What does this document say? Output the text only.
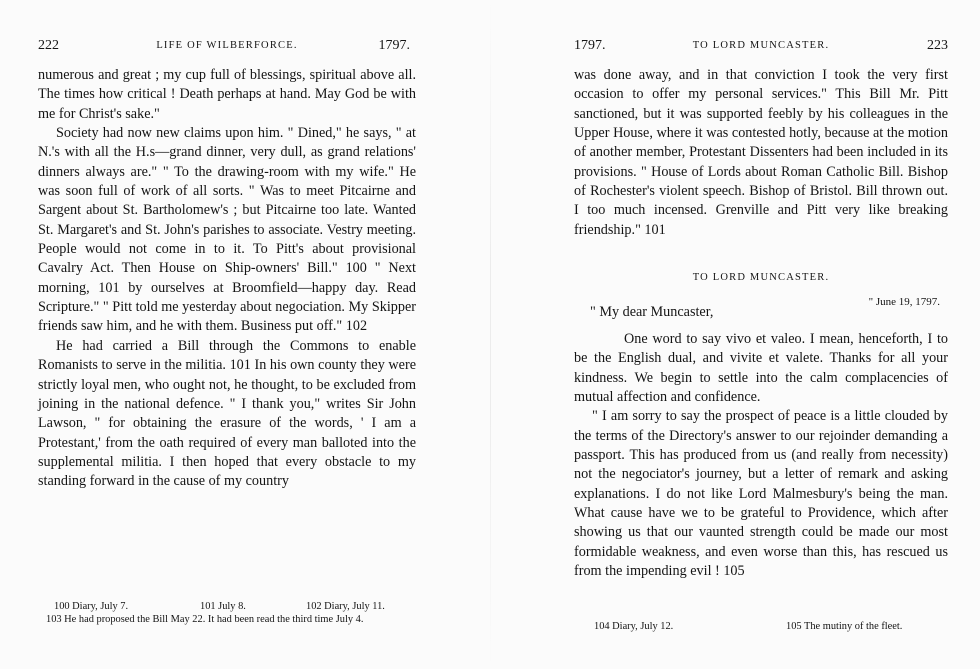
222	LIFE OF WILBERFORCE.	1797.

numerous and great ; my cup full of blessings, spiritual above all. The times how critical ! Death perhaps at hand. May God be with me for Christ's sake."

Society had now new claims upon him. " Dined," he says, " at N.'s with all the H.s—grand dinner, very dull, as grand relations' dinners always are." " To the drawing-room with my wife." He was soon full of work of all sorts. " Was to meet Pitcairne and Sargent about St. Bartholomew's ; but Pitcairne too late. Wanted St. Margaret's and St. John's parishes to associate. Vestry meeting. People would not come in to it. To Pitt's about provisional Cavalry Act. Then House on Ship-owners' Bill." 100 " Next morning, 101 by ourselves at Broomfield—happy day. Read Scripture." " Pitt told me yesterday about negociation. My Skipper friends saw him, and he with them. Business put off." 102

He had carried a Bill through the Commons to enable Romanists to serve in the militia. 101 In his own county they were strictly loyal men, who ought not, he thought, to be excluded from joining in the national defence. " I thank you," writes Sir John Lawson, " for obtaining the erasure of the words, ' I am a Protestant,' from the oath required of every man balloted into the supplemental militia. I then hoped that every obstacle to my standing forward in the cause of my country

100 Diary, July 7.	101 July 8.	102 Diary, July 11.
103 He had proposed the Bill May 22. It had been read the third time July 4.
1797.	TO LORD MUNCASTER.	223

was done away, and in that conviction I took the very first occasion to offer my personal services." This Bill Mr. Pitt sanctioned, but it was supported feebly by his colleagues in the Upper House, where it was contested hotly, because at the motion of another member, Protestant Dissenters had been included in its provisions. " House of Lords about Roman Catholic Bill. Bishop of Rochester's violent speech. Bishop of Bristol. Bill thrown out. I too much incensed. Grenville and Pitt very like breaking friendship." 101

TO LORD MUNCASTER.
" June 19, 1797.
" My dear Muncaster,

One word to say vivo et valeo. I mean, henceforth, I to be the English dual, and vivite et valete. Thanks for all your kindness. We begin to settle into the calm complacencies of mutual affection and confidence.

" I am sorry to say the prospect of peace is a little clouded by the terms of the Directory's answer to our rejoinder demanding a passport. This has produced from us (and really from necessity) not the negociator's journey, but a letter of remark and asking explanations. I do not like Lord Malmesbury's being the man. What cause have we to be grateful to Providence, which after showing us that our vaunted strength could be made our most formidable weakness, and even worse than this, has rescued us from the impending evil ! 105

104 Diary, July 12.	105 The mutiny of the fleet.
